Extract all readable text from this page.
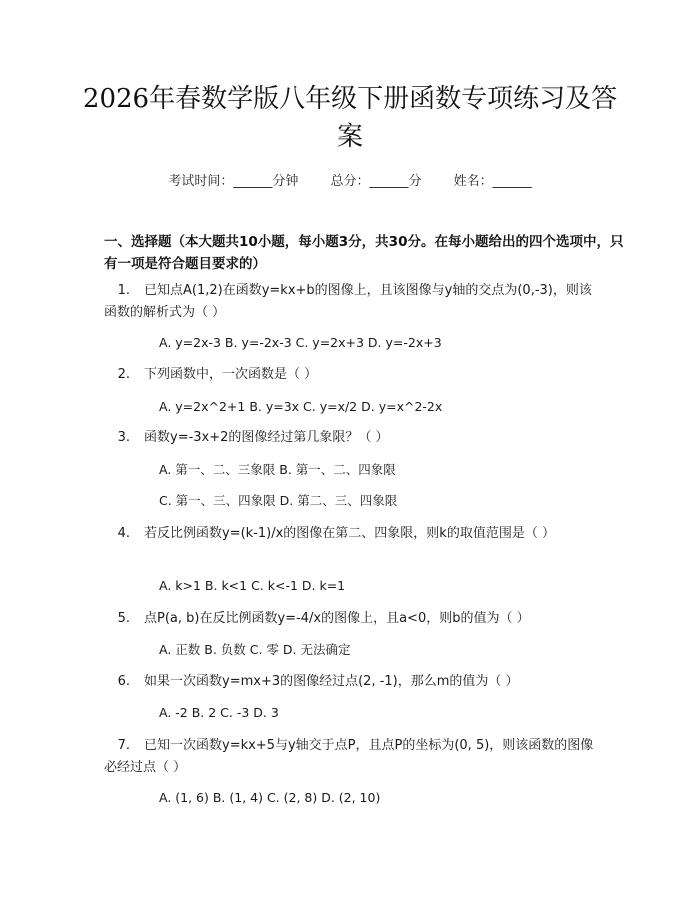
2026年春数学版八年级下册函数专项练习及答案
考试时间：______分钟 总分：______分 姓名：______
一、选择题（本大题共10小题，每小题3分，共30分。在每小题给出的四个选项中，只有一项是符合题目要求的）
1. 已知点A(1,2)在函数y=kx+b的图像上，且该图像与y轴的交点为(0,-3)，则该函数的解析式为（ ）
A. y=2x-3 B. y=-2x-3 C. y=2x+3 D. y=-2x+3
2. 下列函数中，一次函数是（ ）
A. y=2x^2+1 B. y=3x C. y=x/2 D. y=x^2-2x
3. 函数y=-3x+2的图像经过第几象限？（ ）
A. 第一、二、三象限 B. 第一、二、四象限
C. 第一、三、四象限 D. 第二、三、四象限
4. 若反比例函数y=(k-1)/x的图像在第二、四象限，则k的取值范围是（ ）
A. k>1 B. k<1 C. k<-1 D. k=1
5. 点P(a, b)在反比例函数y=-4/x的图像上，且a<0，则b的值为（ ）
A. 正数 B. 负数 C. 零 D. 无法确定
6. 如果一次函数y=mx+3的图像经过点(2, -1)，那么m的值为（ ）
A. -2 B. 2 C. -3 D. 3
7. 已知一次函数y=kx+5与y轴交于点P，且点P的坐标为(0, 5)，则该函数的图像必经过点（ ）
A. (1, 6) B. (1, 4) C. (2, 8) D. (2, 10)
